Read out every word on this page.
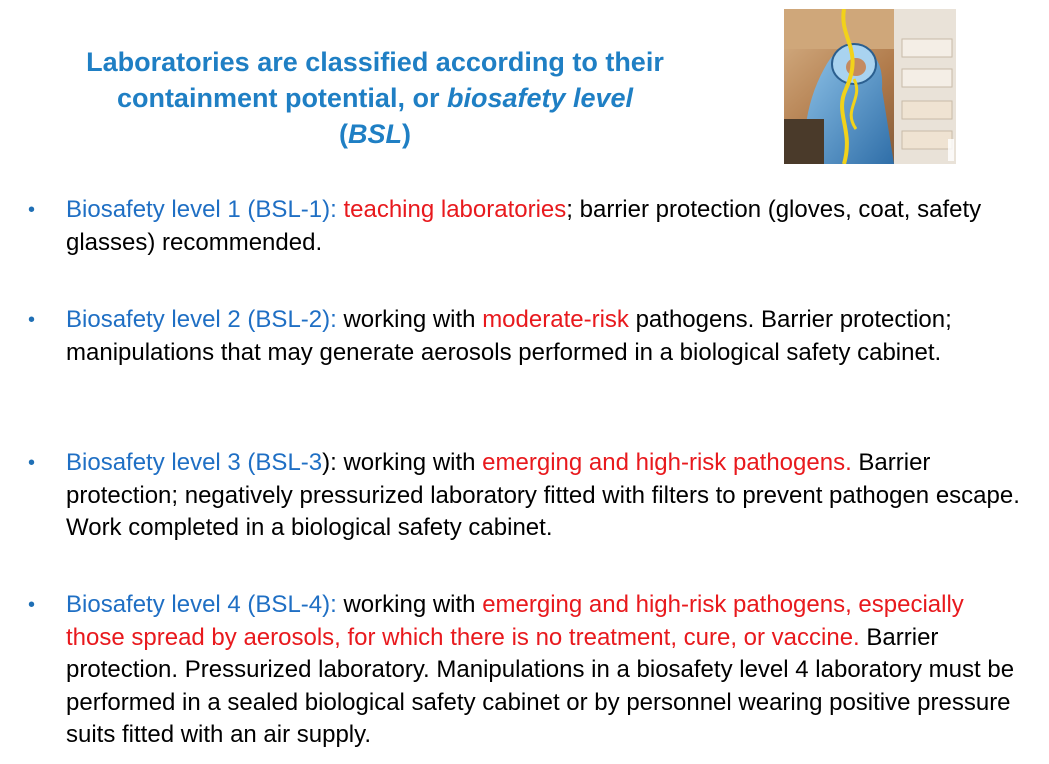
Laboratories are classified according to their
containment potential, or biosafety level
(BSL)
• Biosafety level 1 (BSL-1): teaching laboratories; barrier protection (gloves, coat, safety glasses) recommended.
• Biosafety level 2 (BSL-2): working with moderate-risk pathogens. Barrier protection; manipulations that may generate aerosols performed in a biological safety cabinet.
• Biosafety level 3 (BSL-3): working with emerging and high-risk pathogens. Barrier protection; negatively pressurized laboratory fitted with filters to prevent pathogen escape. Work completed in a biological safety cabinet.
• Biosafety level 4 (BSL-4): working with emerging and high-risk pathogens, especially those spread by aerosols, for which there is no treatment, cure, or vaccine. Barrier protection. Pressurized laboratory. Manipulations in a biosafety level 4 laboratory must be performed in a sealed biological safety cabinet or by personnel wearing positive pressure suits fitted with an air supply.
